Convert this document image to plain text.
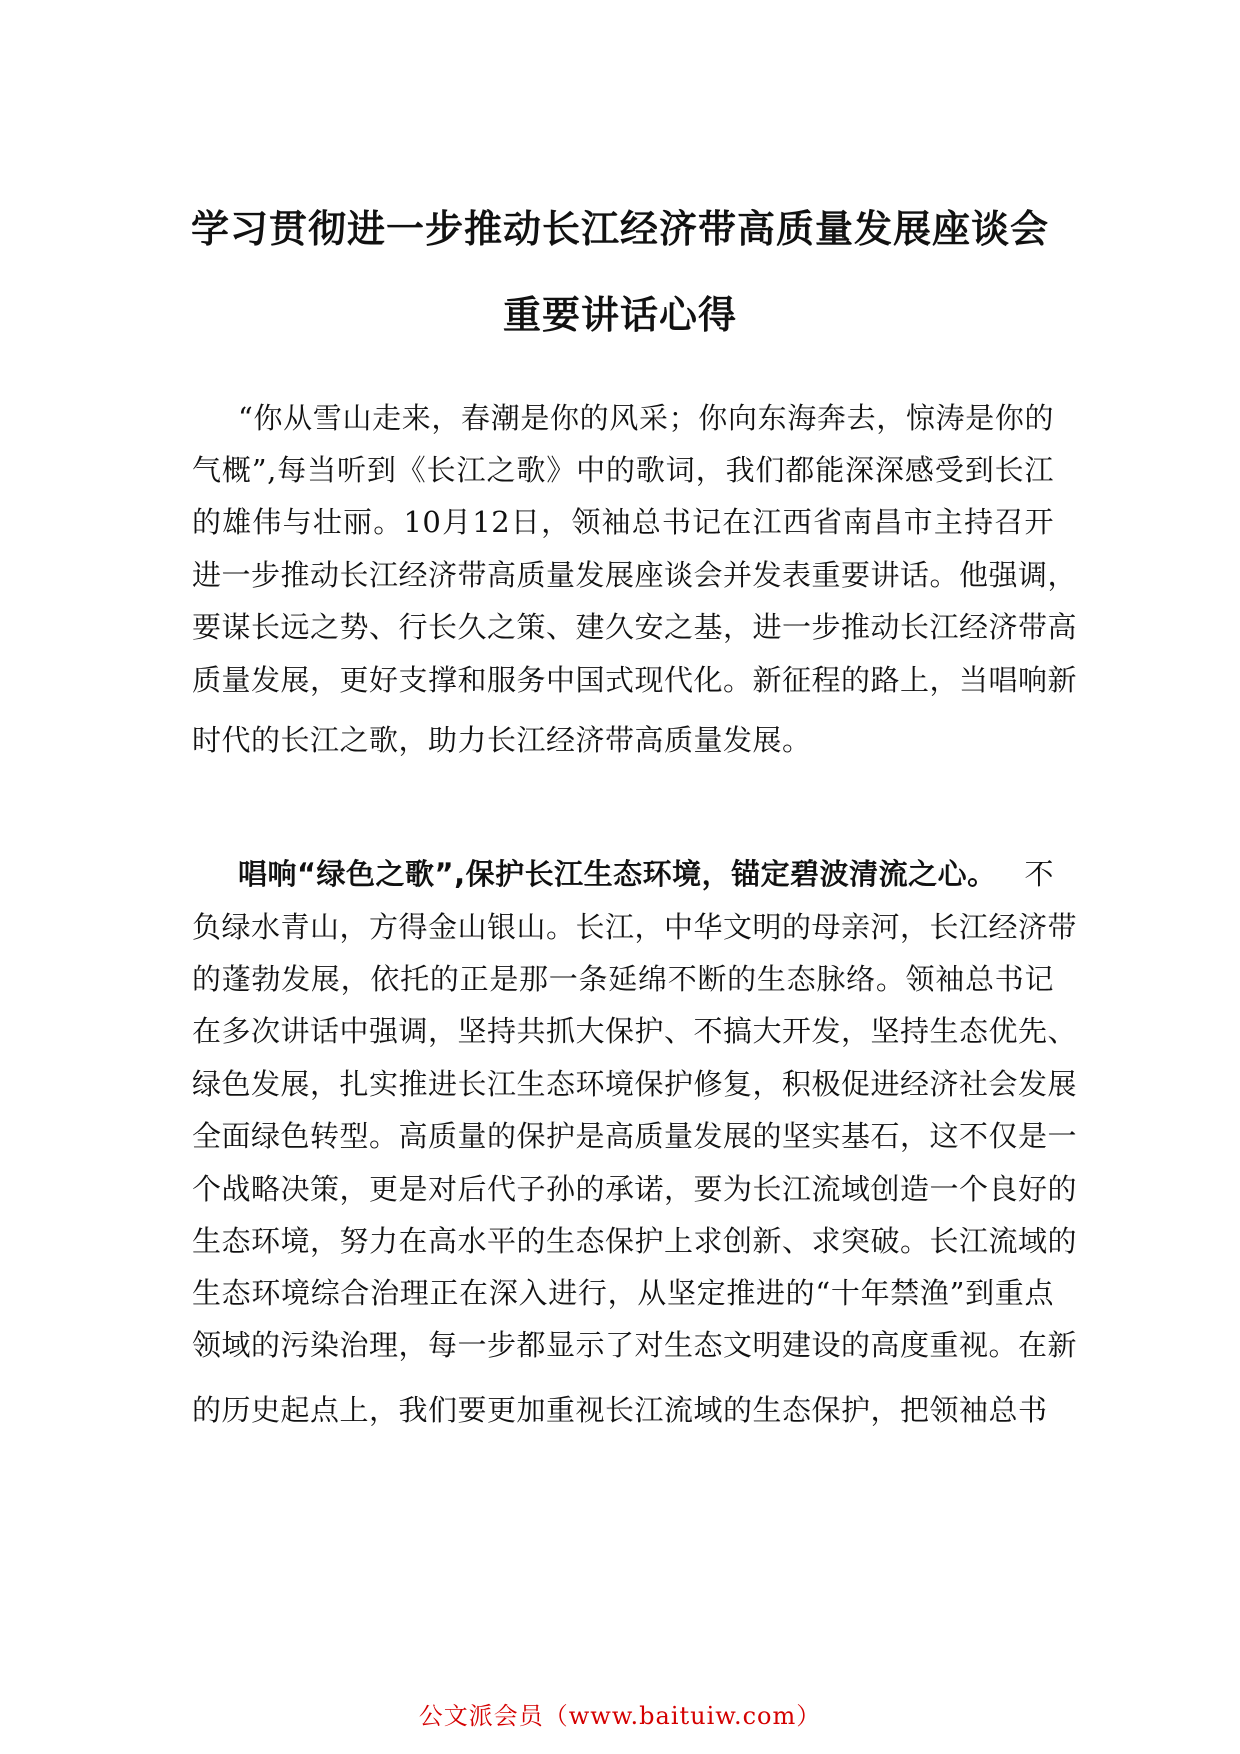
学习贯彻进一步推动长江经济带高质量发展座谈会
重要讲话心得
“你从雪山走来，春潮是你的风采；你向东海奔去，惊涛是你的
气概”,每当听到《长江之歌》中的歌词，我们都能深深感受到长江
的雄伟与壮丽。10月12日，领袖总书记在江西省南昌市主持召开
进一步推动长江经济带高质量发展座谈会并发表重要讲话。他强调，
要谋长远之势、行长久之策、建久安之基，进一步推动长江经济带高
质量发展，更好支撑和服务中国式现代化。新征程的路上，当唱响新
时代的长江之歌，助力长江经济带高质量发展。
唱响“绿色之歌”,保护长江生态环境，锚定碧波清流之心。 不
负绿水青山，方得金山银山。长江，中华文明的母亲河，长江经济带
的蓬勃发展，依托的正是那一条延绵不断的生态脉络。领袖总书记
在多次讲话中强调，坚持共抓大保护、不搞大开发，坚持生态优先、
绿色发展，扎实推进长江生态环境保护修复，积极促进经济社会发展
全面绿色转型。高质量的保护是高质量发展的坚实基石，这不仅是一
个战略决策，更是对后代子孙的承诺，要为长江流域创造一个良好的
生态环境，努力在高水平的生态保护上求创新、求突破。长江流域的
生态环境综合治理正在深入进行，从坚定推进的“十年禁渔”到重点
领域的污染治理，每一步都显示了对生态文明建设的高度重视。在新
的历史起点上，我们要更加重视长江流域的生态保护，把领袖总书
公文派会员（www.baituiw.com）
